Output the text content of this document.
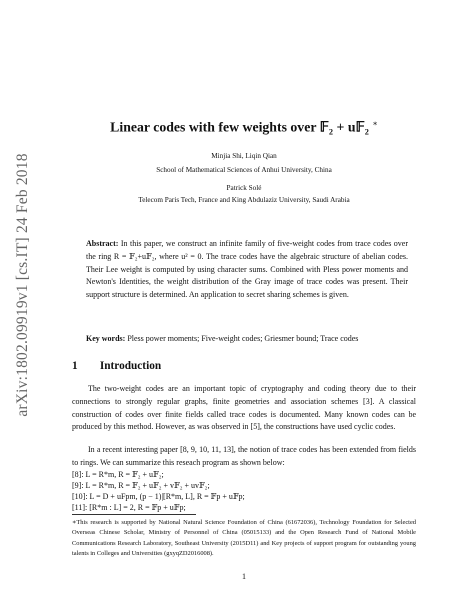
arXiv:1802.09919v1 [cs.IT] 24 Feb 2018
Linear codes with few weights over 𝔽₂ + u𝔽₂ ∗
Minjia Shi, Liqin Qian
School of Mathematical Sciences of Anhui University, China
Patrick Solé
Telecom Paris Tech, France and King Abdulaziz University, Saudi Arabia
Abstract: In this paper, we construct an infinite family of five-weight codes from trace codes over the ring R = 𝔽₂+u𝔽₂, where u² = 0. The trace codes have the algebraic structure of abelian codes. Their Lee weight is computed by using character sums. Combined with Pless power moments and Newton's Identities, the weight distribution of the Gray image of trace codes was present. Their support structure is determined. An application to secret sharing schemes is given.
Key words: Pless power moments; Five-weight codes; Griesmer bound; Trace codes
1 Introduction
The two-weight codes are an important topic of cryptography and coding theory due to their connections to strongly regular graphs, finite geometries and association schemes [3]. A classical construction of codes over finite fields called trace codes is documented. Many known codes can be produced by this method. However, as was observed in [5], the constructions have used cyclic codes.
In a recent interesting paper [8, 9, 10, 11, 13], the notion of trace codes has been extended from fields to rings. We can summarize this reseach program as shown below:
[8]: L = R*m, R = 𝔽₂ + u𝔽₂;
[9]: L = R*m, R = 𝔽₂ + u𝔽₂ + v𝔽₂ + uv𝔽₂;
[10]: L = D + uFpm, (p − 1)|[R*m, L], R = 𝔽p + u𝔽p;
[11]: [R*m : L] = 2, R = 𝔽p + u𝔽p;
∗This research is supported by National Natural Science Foundation of China (61672036), Technology Foundation for Selected Overseas Chinese Scholar, Ministry of Personnel of China (05015133) and the Open Research Fund of National Mobile Communications Research Laboratory, Southeast University (2015D11) and Key projects of support program for outstanding young talents in Colleges and Universities (gxyqZD2016008).
1
